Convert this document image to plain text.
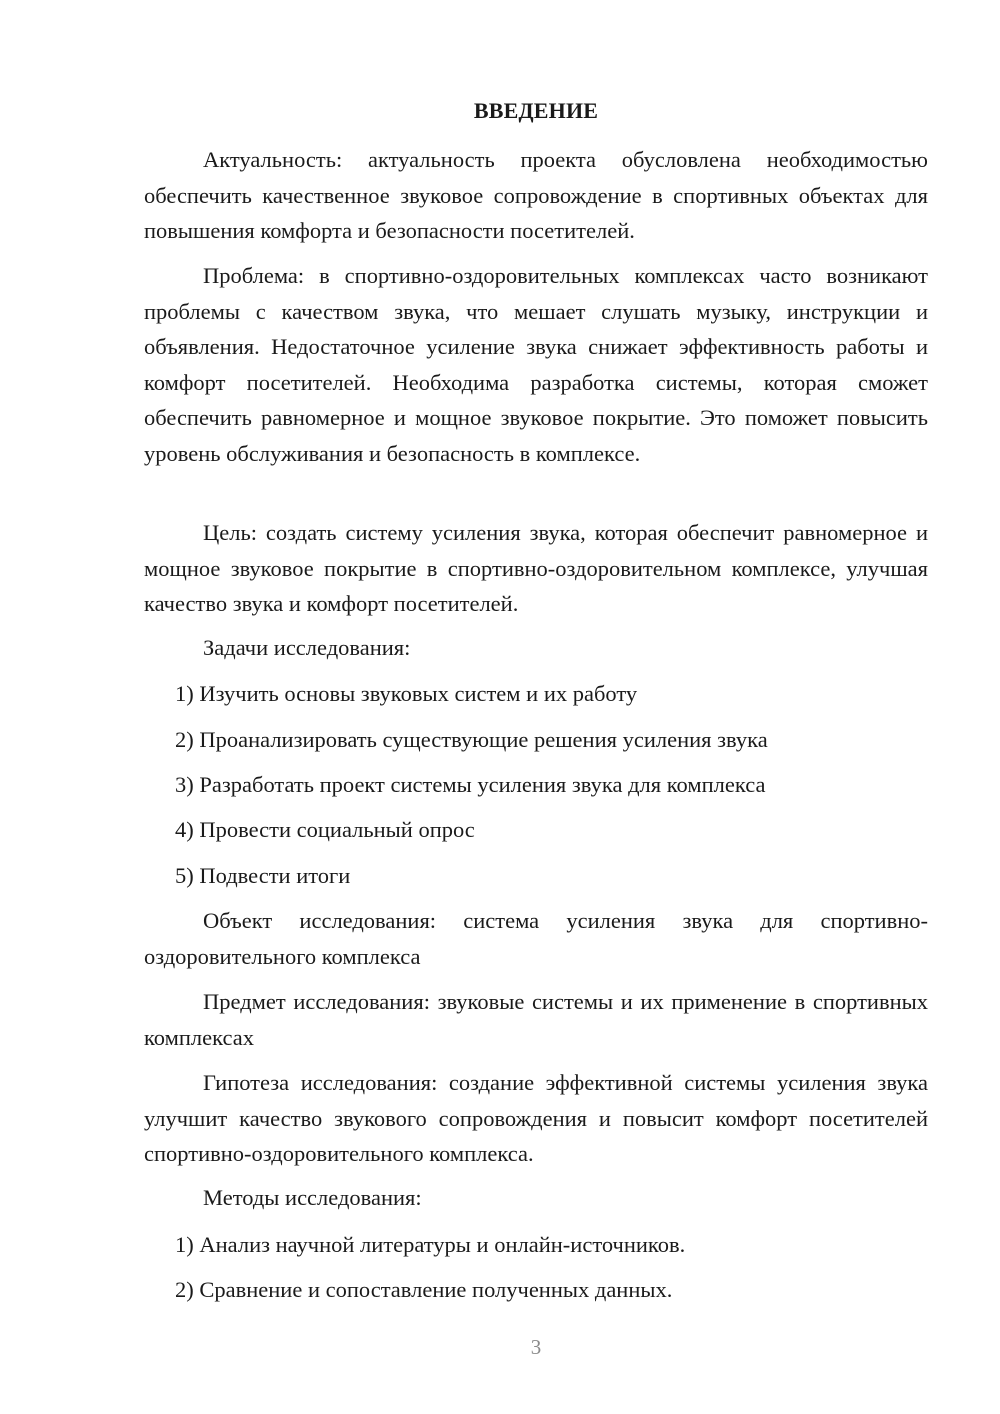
ВВЕДЕНИЕ

Актуальность: актуальность проекта обусловлена необходимостью обеспечить качественное звуковое сопровождение в спортивных объектах для повышения комфорта и безопасности посетителей.

Проблема: в спортивно-оздоровительных комплексах часто возникают проблемы с качеством звука, что мешает слушать музыку, инструкции и объявления. Недостаточное усиление звука снижает эффективность работы и комфорт посетителей. Необходима разработка системы, которая сможет обеспечить равномерное и мощное звуковое покрытие. Это поможет повысить уровень обслуживания и безопасность в комплексе.

Цель: создать систему усиления звука, которая обеспечит равномерное и мощное звуковое покрытие в спортивно-оздоровительном комплексе, улучшая качество звука и комфорт посетителей.

Задачи исследования:

1) Изучить основы звуковых систем и их работу

2) Проанализировать существующие решения усиления звука

3) Разработать проект системы усиления звука для комплекса

4) Провести социальный опрос

5) Подвести итоги

Объект исследования: система усиления звука для спортивно-оздоровительного комплекса

Предмет исследования: звуковые системы и их применение в спортивных комплексах

Гипотеза исследования: создание эффективной системы усиления звука улучшит качество звукового сопровождения и повысит комфорт посетителей спортивно-оздоровительного комплекса.

Методы исследования:

1) Анализ научной литературы и онлайн-источников.

2) Сравнение и сопоставление полученных данных.

3
